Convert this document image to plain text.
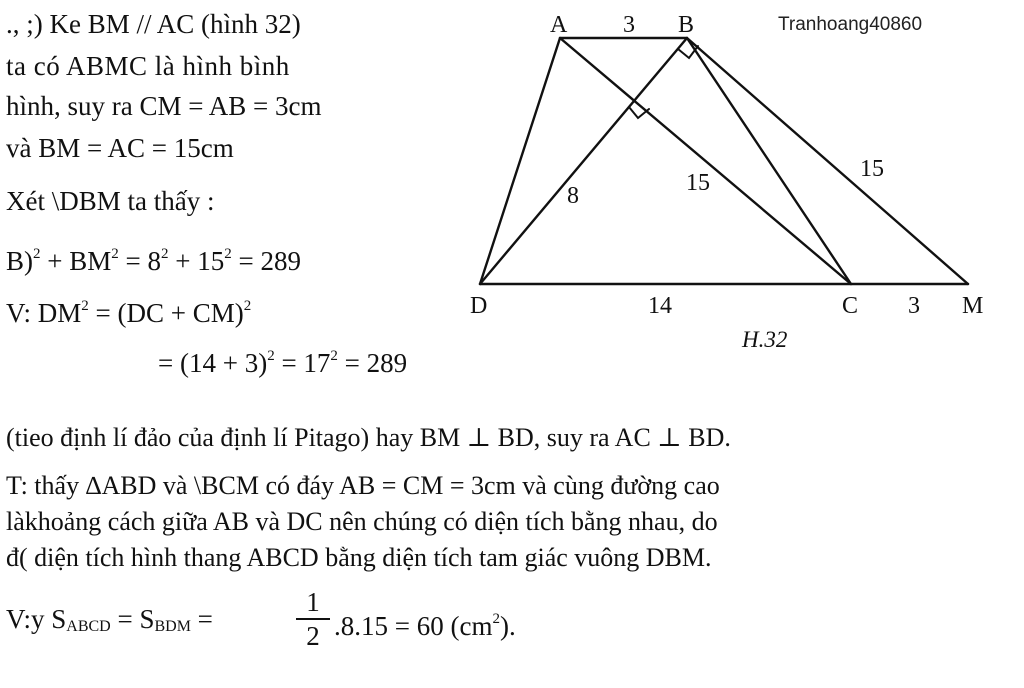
Tranhoang40860
., ;) Ke BM // AC (hình 32)
ta có ABMC là hình bình
hình, suy ra CM = AB = 3cm
và BM = AC = 15cm
Xét \DBM ta thấy :
$B)^2 + BM^2 = 8^2 + 15^2 = 289$
V: $DM^2 = (DC + CM)^2$
= $(14 + 3)^2 = 17^2 = 289$
(tieo định lí đảo của định lí Pitago) hay BM ⊥ BD, suy ra AC ⊥ BD.
T: thấy ∆ABD và \BCM có đáy AB = CM = 3cm và cùng đường cao
làkhoảng cách giữa AB và DC nên chúng có diện tích bằng nhau, do
đ( diện tích hình thang ABCD bằng diện tích tam giác vuông DBM.
V:y SABCD = SBDM =
1
2 .8.15 = 60 $(cm^2)$.
A	B
D	C	M
3
8	15
15
14	3
H.32
